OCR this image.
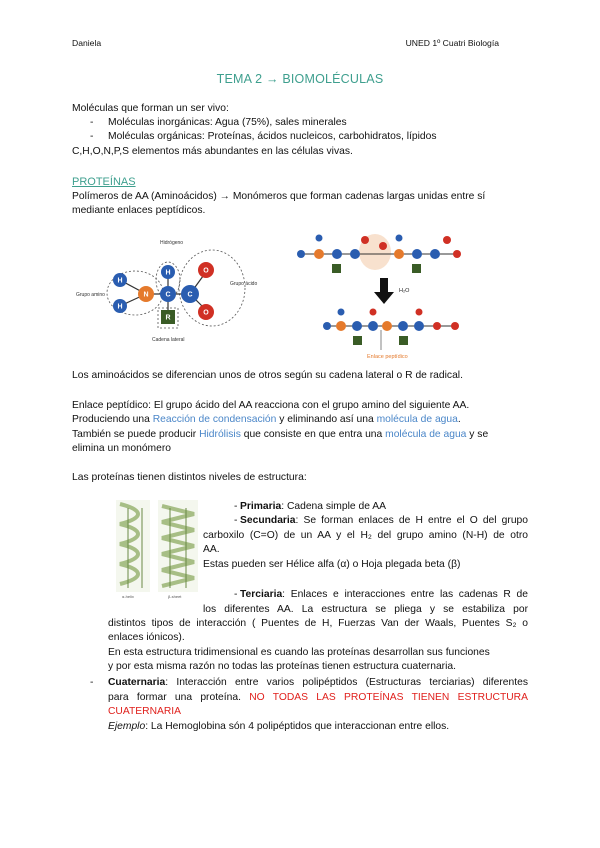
Daniela	UNED 1º Cuatri Biología
TEMA 2 → BIOMOLÉCULAS
Moléculas que forman un ser vivo:
- Moléculas inorgánicas: Agua (75%), sales minerales
- Moléculas orgánicas: Proteínas, ácidos nucleicos, carbohidratos, lípidos
C,H,O,N,P,S elementos más abundantes en las células vivas.
PROTEÍNAS
Polímeros de AA (Aminoácidos) → Monómeros que forman cadenas largas unidas entre sí
mediante enlaces peptídicos.
H
H
H
N C C
O
O
R
Hidrógeno
Grupo amino
Grupo ácido
Cadena lateral
H₂O
Enlace peptídico
Los aminoácidos se diferencian unos de otros según su cadena lateral o R de radical.
Enlace peptídico: El grupo ácido del AA reacciona con el grupo amino del siguiente AA.
Produciendo una Reacción de condensación y eliminando así una molécula de agua.
También se puede producir Hidrólisis que consiste en que entra una molécula de agua y se
elimina un monómero
Las proteínas tienen distintos niveles de estructura:
α-helix	β-sheet
- Primaria: Cadena simple de AA
- Secundaria: Se forman enlaces de H entre el O del grupo
carboxilo (C=O) de un AA y el H₂ del grupo amino (N-H) de otro
AA.
Estas pueden ser Hélice alfa (α) o Hoja plegada beta (β)
- Terciaria: Enlaces e interacciones entre las cadenas R de
los diferentes AA. La estructura se pliega y se estabiliza por
distintos tipos de interacción ( Puentes de H, Fuerzas Van der Waals, Puentes S₂ o
enlaces iónicos).
En esta estructura tridimensional es cuando las proteínas desarrollan sus funciones
y por esta misma razón no todas las proteínas tienen estructura cuaternaria.
- Cuaternaria: Interacción entre varios polipéptidos (Estructuras terciarias) diferentes
para formar una proteína. NO TODAS LAS PROTEÍNAS TIENEN ESTRUCTURA
CUATERNARIA
Ejemplo: La Hemoglobina són 4 polipéptidos que interaccionan entre ellos.
